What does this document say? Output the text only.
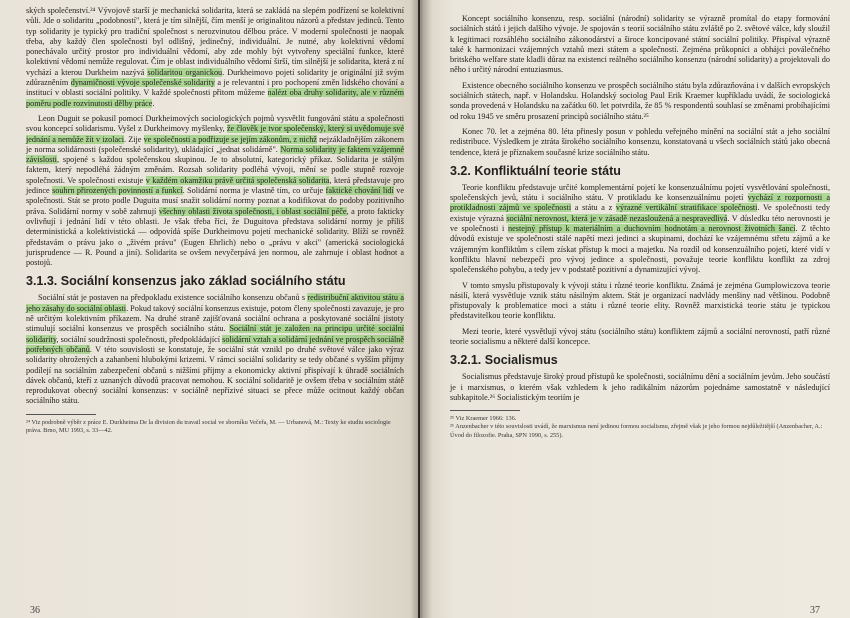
ských společenství.²⁴ Vývojově starší je mechanická solidarita, která se zakládá na slepém podřízení se kolektivní vůli. Jde o solidaritu „podobností", která je tím silnější, čím menší je originalitou názorů a představ jedinců. Tento typ solidarity je typický pro tradiční společnost s nerozvinutou dělbou práce. V moderní společnosti je naopak třeba, aby každý člen společnosti byl odlišný, jedinečný, individuální. Je nutné, aby kolektivní vědomí ponechávalo určitý prostor pro individuální vědomí, aby zde mohly být vytvořeny speciální funkce, které kolektivní vědomí nemůže regulovat. Čím je oblast individuálního vědomí širší, tím silnější je solidarita, která z ní vychází a kterou Durkheim nazývá solidaritou organickou. Durkheimovo pojetí solidarity je originální již svým zdůrazněním dynamičnosti vývoje společenské solidarity a je relevantní i pro pochopení změn lidského chování a institucí v oblasti sociální politiky. V každé společnosti přitom můžeme nalézt oba druhy solidarity, ale v různém poměru podle rozvinutosti dělby práce.

Leon Duguit se pokusil pomocí Durkheimových sociologických pojmů vysvětlit fungování státu a společnosti svou koncepcí solidarismu. Vyšel z Durkheimovy myšlenky, že člověk je tvor společenský, který si uvědomuje své jednání a nemůže žít v izolaci. Zije ve společnosti a podřizuje se jejím zákonům, z nichž nejzákladnějším zákonem je norma solidárnosti (společenské solidarity), ukládající „jednat solidárně". Norma solidarity je faktem vzájemné závislosti, spojené s každou společenskou skupinou. Je to absolutní, kategorický příkaz. Solidarita je stálým faktem, který nepodléhá žádným změnám. Rozsah solidarity podléhá vývoji, mění se podle stupně rozvoje společnosti. Ve společnosti existuje v každém okamžiku právě určitá společenská solidarita, která představuje pro jedince souhrn přirozených povinností a funkcí. Solidární norma je vlastně tím, co určuje faktické chování lidí ve společnosti. Stát se proto podle Duguita musí snažit solidární normy poznat a kodifikovat do podoby pozitivního práva. Solidární normy v sobě zahrnují všechny oblasti života společnosti, i oblast sociální péče, a proto fakticky ovlivňují i jednání lidí v této oblasti. Je však třeba říci, že Duguitova představa solidární normy je příliš deterministická a kolektivistická — odpovídá spíše Durkheimovu pojetí mechanické solidarity. Blíží se rovněž představám o právu jako o „živém právu" (Eugen Ehrlich) nebo o „právu v akci" (americká sociologická jurisprudence — R. Pound a jiní). Solidarita se ovšem nevyčerpává jen normou, ale zahrnuje i oblast hodnot a postojů.

3.1.3. Sociální konsenzus jako základ sociálního státu

Sociální stát je postaven na předpokladu existence sociálního konsenzu občanů s redistribuční aktivitou státu a jeho zásahy do sociální oblasti. Pokud takový sociální konsenzus existuje, potom členy společnosti zavazuje, je pro ně určitým kolektivním příkazem. Na druhé straně zajišťovaná sociální ochrana a poskytované sociální jistoty stimulují sociální konsenzus ve prospěch sociálního státu. Sociální stát je založen na principu určité sociální solidarity, sociální soudržnosti společnosti, předpokládající solidární vztah a solidární jednání ve prospěch sociálně potřebných občanů. V této souvislosti se konstatuje, že sociální stát vznikl po druhé světové válce jako výraz solidarity ohrožených a zahanbení hlubokými krizemi. V rámci sociální solidarity se tedy občané s vyšším příjmy podílejí na sociálním zabezpečení občanů s nižšími příjmy a ekonomicky aktivní přispívají k úhradě sociálních dávek občanů, kteří z uznaných důvodů pracovat nemohou. K sociální solidaritě je ovšem třeba v sociálním státě reprodukovat obecný sociální konsenzus: v sociálně nepřízivé situaci se přece může ocitnout každý občan sociálního státu.

²⁴ Viz podrobně výběr z práce E. Durkheima De la division du travail social ve sborníku Večeřa, M. — Urbanová, M.: Texty ke studiu sociologie práva. Brno, MU 1993, s. 33—42.

36

Koncept sociálního konsenzu, resp. sociální (národní) solidarity se výrazně promítal do etapy formování sociálních států i jejich dalšího vývoje. Je spojován s teorií sociálního státu zvláště po 2. světové válce, kdy sloužil k legitimaci rozsáhlého sociálního zákonodárství a široce koncipované státní sociální politiky. Přispíval výrazně také k harmonizaci vzájemných vztahů mezi státem a společností. Zejména průkopníci a obhájci poválečného britského welfare state kladli důraz na existenci reálného sociálního konsenzu (národní solidarity) a projektovali do něho i určitý národní entuziasmus.

Existence obecného sociálního konsenzu ve prospěch sociálního státu byla zdůrazňována i v dalších evropských sociálních státech, např. v Holandsku. Holandský sociolog Paul Erik Kraemer kupříkladu uvádí, že sociologická sonda provedená v Holandsku na začátku 60. let potvrdila, že 85 % respondentů souhlasí se změnami probíhajícími od roku 1945 ve směru prosazení principů sociálního státu.²⁵

Konec 70. let a zejména 80. léta přinesly posun v pohledu veřejného mínění na sociální stát a jeho sociální redistribuce. Výsledkem je ztráta širokého sociálního konsenzu, konstatovaná u všech sociálních států jako obecná tendence, která je příznakem současné krize sociálního státu.

3.2. Konfliktuální teorie státu

Teorie konfliktu představuje určité komplementární pojetí ke konsenzuálnímu pojetí vysvětlování společnosti, společenských jevů, státu i sociálního státu. V protikladu ke konsenzuálnímu pojetí vychází z rozpornosti a protikladnosti zájmů ve společnosti a státu a z výrazné vertikální stratifikace společnosti. Ve společnosti tedy existuje výrazná sociální nerovnost, která je v zásadě nezasloužená a nespravedlivá. V důsledku této nerovnosti je ve společnosti i nestejný přístup k materiálním a duchovním hodnotám a nerovnost životních šancí. Z těchto důvodů existuje ve společnosti stálé napětí mezi jedinci a skupinami, dochází ke vzájemnému střetu zájmů a ke vzájemným konfliktům s cílem získat přístup k moci a majetku. Na rozdíl od konsenzuálního pojetí, které vidí v konfliktu hlavní nebezpečí pro vývoj jedince a společnosti, považuje teorie konfliktu konflikt za zdroj společenského pohybu, a tedy jev v podstatě pozitivní a dynamizující vývoj.

V tomto smyslu přistupovaly k vývoji státu i různé teorie konfliktu. Známá je zejména Gumplowiczova teorie násilí, která vysvětluje vznik státu násilným aktem. Stát je organizací nadvlády menšiny nad většinou. Podobně přistupovaly k problematice moci a státu i různé teorie elity. Rovněž marxistická teorie státu je typickou představitelkou teorie konfliktu.

Mezi teorie, které vysvětlují vývoj státu (sociálního státu) konfliktem zájmů a sociální nerovností, patří různé teorie socialismu a některé další koncepce.

3.2.1. Socialismus

Socialismus představuje široký proud přístupů ke společnosti, sociálnímu dění a sociálním jevům. Jeho součástí je i marxismus, o kterém však vzhledem k jeho radikálním názorům pojednáme samostatně v následující subkapitole.²⁶ Socialistickým teoriím je

²⁵ Viz Kraemer 1966: 136.

²⁶ Anzenbacher v této souvislosti uvádí, že marxismus není jedinou formou socialismu, zřejmě však je jeho formou nejdůležitější (Anzenbacher, A.: Úvod do filozofie. Praha, SPN 1990, s. 255).

37
